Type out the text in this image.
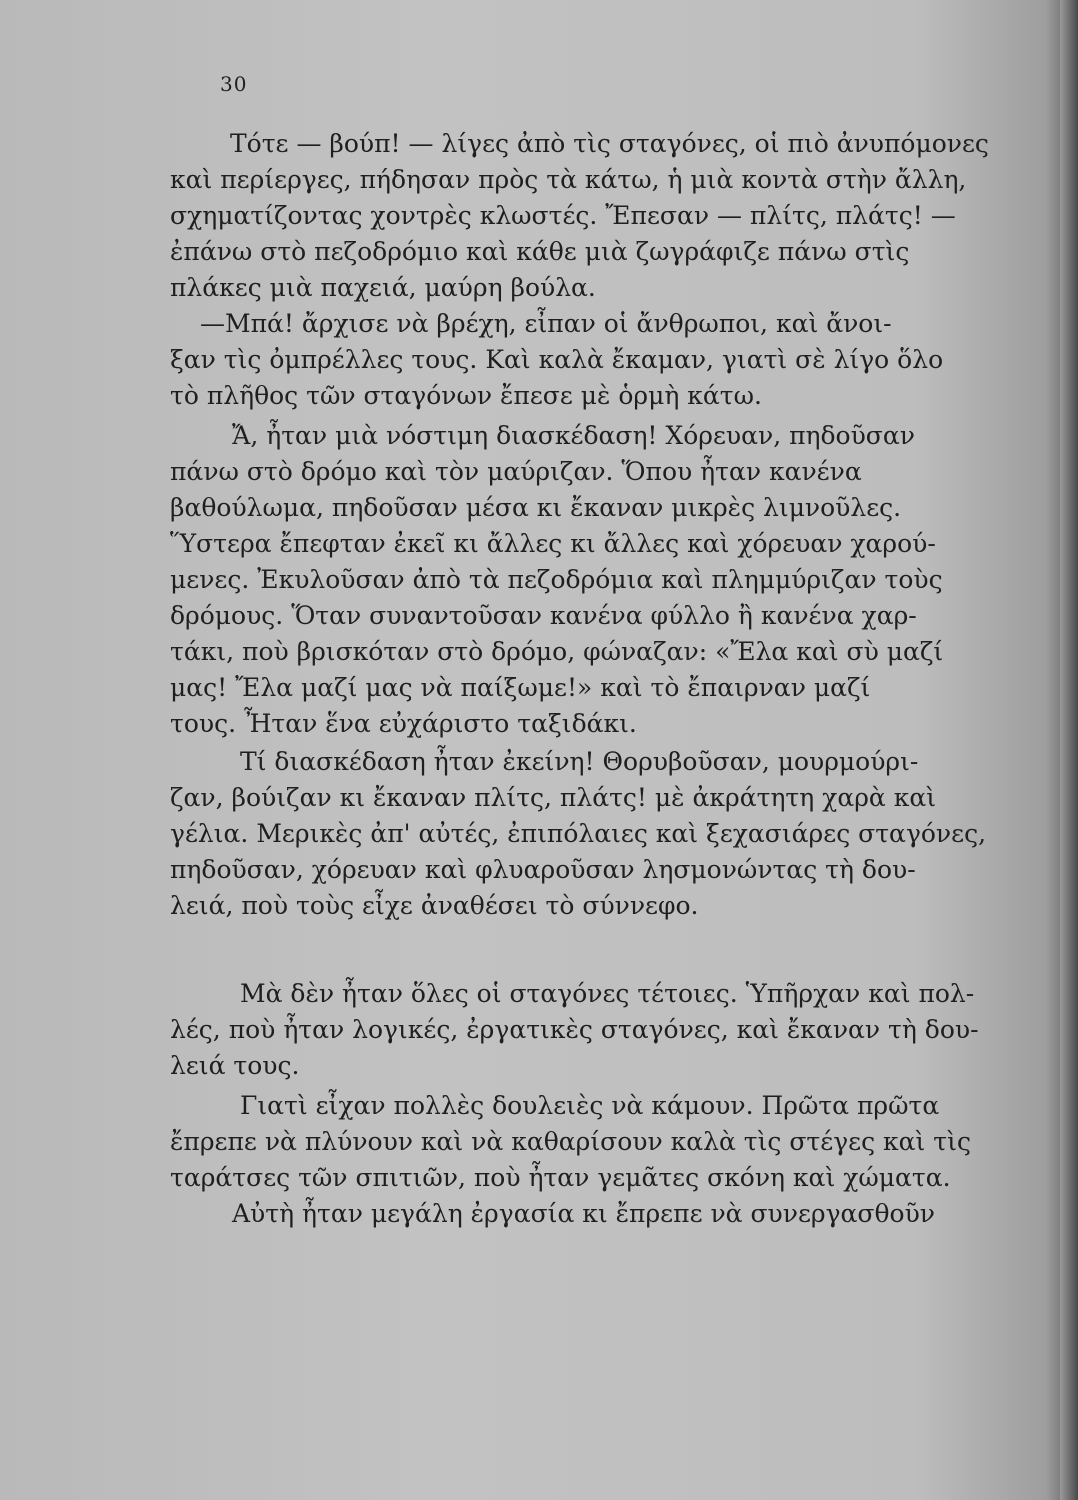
30
Τότε — βούπ! — λίγες ἀπὸ τὶς σταγόνες, οἱ πιὸ ἀνυπόμονες
καὶ περίεργες, πήδησαν πρὸς τὰ κάτω, ἡ μιὰ κοντὰ στὴν ἄλλη,
σχηματίζοντας χοντρὲς κλωστές. Ἔπεσαν — πλίτς, πλάτς! —
ἐπάνω στὸ πεζοδρόμιο καὶ κάθε μιὰ ζωγράφιζε πάνω στὶς
πλάκες μιὰ παχειά, μαύρη βούλα.
—Μπά! ἄρχισε νὰ βρέχη, εἶπαν οἱ ἄνθρωποι, καὶ ἄνοι-
ξαν τὶς ὀμπρέλλες τους. Καὶ καλὰ ἔκαμαν, γιατὶ σὲ λίγο ὅλο
τὸ πλῆθος τῶν σταγόνων ἔπεσε μὲ ὁρμὴ κάτω.
Ἄ, ἦταν μιὰ νόστιμη διασκέδαση! Χόρευαν, πηδοῦσαν
πάνω στὸ δρόμο καὶ τὸν μαύριζαν. Ὅπου ἦταν κανένα
βαθούλωμα, πηδοῦσαν μέσα κι ἔκαναν μικρὲς λιμνοῦλες.
Ὕστερα ἔπεφταν ἐκεῖ κι ἄλλες κι ἄλλες καὶ χόρευαν χαρού-
μενες. Ἐκυλοῦσαν ἀπὸ τὰ πεζοδρόμια καὶ πλημμύριζαν τοὺς
δρόμους. Ὅταν συναντοῦσαν κανένα φύλλο ἢ κανένα χαρ-
τάκι, ποὺ βρισκόταν στὸ δρόμο, φώναζαν: «Ἔλα καὶ σὺ μαζί
μας! Ἔλα μαζί μας νὰ παίξωμε!» καὶ τὸ ἔπαιρναν μαζί
τους. Ἦταν ἕνα εὐχάριστο ταξιδάκι.
Τί διασκέδαση ἦταν ἐκείνη! Θορυβοῦσαν, μουρμούρι-
ζαν, βούιζαν κι ἔκαναν πλίτς, πλάτς! μὲ ἀκράτητη χαρὰ καὶ
γέλια. Μερικὲς ἀπ' αὐτές, ἐπιπόλαιες καὶ ξεχασιάρες σταγόνες,
πηδοῦσαν, χόρευαν καὶ φλυαροῦσαν λησμονώντας τὴ δου-
λειά, ποὺ τοὺς εἶχε ἀναθέσει τὸ σύννεφο.
Μὰ δὲν ἦταν ὅλες οἱ σταγόνες τέτοιες. Ὑπῆρχαν καὶ πολ-
λές, ποὺ ἦταν λογικές, ἐργατικὲς σταγόνες, καὶ ἔκαναν τὴ δου-
λειά τους.
Γιατὶ εἶχαν πολλὲς δουλειὲς νὰ κάμουν. Πρῶτα πρῶτα
ἔπρεπε νὰ πλύνουν καὶ νὰ καθαρίσουν καλὰ τὶς στέγες καὶ τὶς
ταράτσες τῶν σπιτιῶν, ποὺ ἦταν γεμᾶτες σκόνη καὶ χώματα.
Αὐτὴ ἦταν μεγάλη ἐργασία κι ἔπρεπε νὰ συνεργασθοῦν
